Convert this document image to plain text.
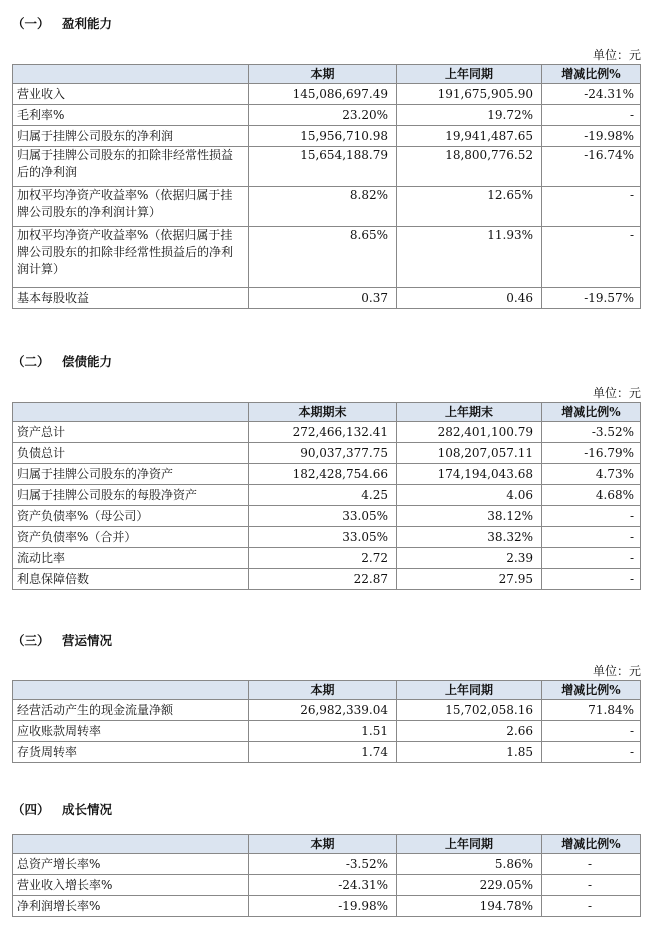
（一） 盈利能力
单位：元
	本期	上年同期	增减比例%
营业收入	145,086,697.49	191,675,905.90	-24.31%
毛利率%	23.20%	19.72%	-
归属于挂牌公司股东的净利润	15,956,710.98	19,941,487.65	-19.98%
归属于挂牌公司股东的扣除非经常性损益后的净利润	15,654,188.79	18,800,776.52	-16.74%
加权平均净资产收益率%（依据归属于挂牌公司股东的净利润计算）	8.82%	12.65%	-
加权平均净资产收益率%（依据归属于挂牌公司股东的扣除非经常性损益后的净利润计算）	8.65%	11.93%	-
基本每股收益	0.37	0.46	-19.57%
（二） 偿债能力
单位：元
	本期期末	上年期末	增减比例%
资产总计	272,466,132.41	282,401,100.79	-3.52%
负债总计	90,037,377.75	108,207,057.11	-16.79%
归属于挂牌公司股东的净资产	182,428,754.66	174,194,043.68	4.73%
归属于挂牌公司股东的每股净资产	4.25	4.06	4.68%
资产负债率%（母公司）	33.05%	38.12%	-
资产负债率%（合并）	33.05%	38.32%	-
流动比率	2.72	2.39	-
利息保障倍数	22.87	27.95	-
（三） 营运情况
单位：元
	本期	上年同期	增减比例%
经营活动产生的现金流量净额	26,982,339.04	15,702,058.16	71.84%
应收账款周转率	1.51	2.66	-
存货周转率	1.74	1.85	-
（四） 成长情况
	本期	上年同期	增减比例%
总资产增长率%	-3.52%	5.86%	-
营业收入增长率%	-24.31%	229.05%	-
净利润增长率%	-19.98%	194.78%	-
